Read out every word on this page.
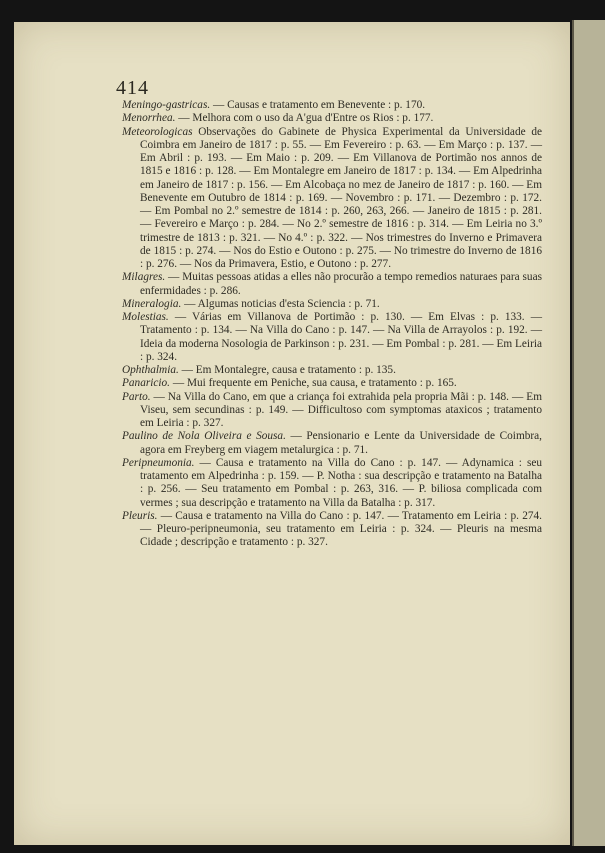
414

Meningo-gastricas. — Causas e tratamento em Benevente : p. 170.

Menorrhea. — Melhora com o uso da A'gua d'Entre os Rios : p. 177.

Meteorologicas Observações do Gabinete de Physica Experimental da Universidade de Coimbra em Janeiro de 1817 : p. 55. — Em Fevereiro : p. 63. — Em Março : p. 137. — Em Abril : p. 193. — Em Maio : p. 209. — Em Villanova de Portimão nos annos de 1815 e 1816 : p. 128. — Em Montalegre em Janeiro de 1817 : p. 134. — Em Alpedrinha em Janeiro de 1817 : p. 156. — Em Alcobaça no mez de Janeiro de 1817 : p. 160. — Em Benevente em Outubro de 1814 : p. 169. — Novembro : p. 171. — Dezembro : p. 172. — Em Pombal no 2.º semestre de 1814 : p. 260, 263, 266. — Janeiro de 1815 : p. 281. — Fevereiro e Março : p. 284. — No 2.º semestre de 1816 : p. 314. — Em Leiria no 3.º trimestre de 1813 : p. 321. — No 4.º : p. 322. — Nos trimestres do Inverno e Primavera de 1815 : p. 274. — Nos do Estio e Outono : p. 275. — No trimestre do Inverno de 1816 : p. 276. — Nos da Primavera, Estio, e Outono : p. 277.

Milagres. — Muitas pessoas atidas a elles não procurão a tempo remedios naturaes para suas enfermidades : p. 286.

Mineralogia. — Algumas noticias d'esta Sciencia : p. 71.

Molestias. — Várias em Villanova de Portimão : p. 130. — Em Elvas : p. 133. — Tratamento : p. 134. — Na Villa do Cano : p. 147. — Na Villa de Arrayolos : p. 192. — Ideia da moderna Nosologia de Parkinson : p. 231. — Em Pombal : p. 281. — Em Leiria : p. 324.

Ophthalmia. — Em Montalegre, causa e tratamento : p. 135.

Panaricio. — Mui frequente em Peniche, sua causa, e tratamento : p. 165.

Parto. — Na Villa do Cano, em que a criança foi extrahida pela propria Mãi : p. 148. — Em Viseu, sem secundinas : p. 149. — Difficultoso com symptomas ataxicos ; tratamento em Leiria : p. 327.

Paulino de Nola Oliveira e Sousa. — Pensionario e Lente da Universidade de Coimbra, agora em Freyberg em viagem metalurgica : p. 71.

Peripneumonia. — Causa e tratamento na Villa do Cano : p. 147. — Adynamica : seu tratamento em Alpedrinha : p. 159. — P. Notha : sua descripção e tratamento na Batalha : p. 256. — Seu tratamento em Pombal : p. 263, 316. — P. biliosa complicada com vermes ; sua descripção e tratamento na Villa da Batalha : p. 317.

Pleuris. — Causa e tratamento na Villa do Cano : p. 147. — Tratamento em Leiria : p. 274. — Pleuro-peripneumonia, seu tratamento em Leiria : p. 324. — Pleuris na mesma Cidade ; descripção e tratamento : p. 327.
